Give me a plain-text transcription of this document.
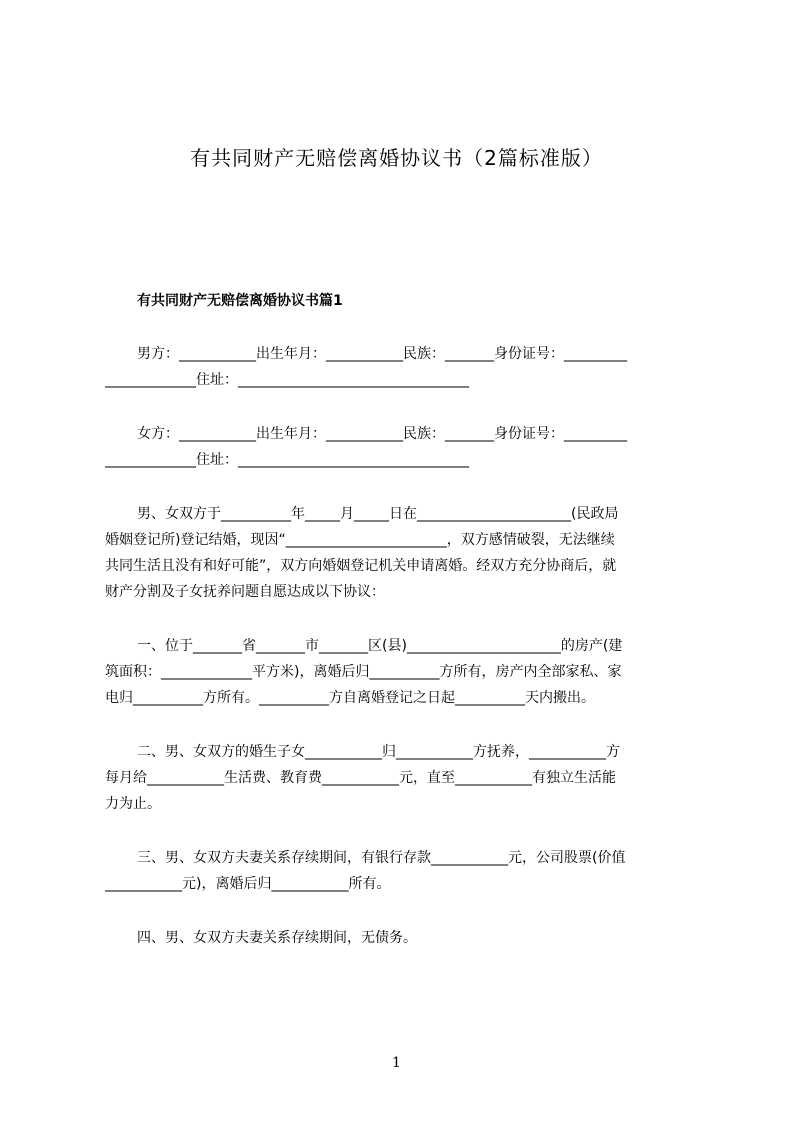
有共同财产无赔偿离婚协议书（2篇标准版）
有共同财产无赔偿离婚协议书篇1
男方：___________出生年月：___________民族：_______身份证号：_________
_____________住址：_________________________________
女方：___________出生年月：___________民族：_______身份证号：_________
_____________住址：_________________________________
男、女双方于__________年_____月_____日在______________________(民政局
婚姻登记所)登记结婚，现因“_______________________，双方感情破裂，无法继续
共同生活且没有和好可能”，双方向婚姻登记机关申请离婚。经双方充分协商后，就
财产分割及子女抚养问题自愿达成以下协议：
一、位于_______省_______市_______区(县)______________________的房产(建
筑面积：_____________平方米)，离婚后归__________方所有，房产内全部家私、家
电归__________方所有。__________方自离婚登记之日起__________天内搬出。
二、男、女双方的婚生子女___________归___________方抚养，___________方
每月给___________生活费、教育费___________元，直至___________有独立生活能
力为止。
三、男、女双方夫妻关系存续期间，有银行存款___________元，公司股票(价值
___________元)，离婚后归___________所有。
四、男、女双方夫妻关系存续期间，无债务。
1
